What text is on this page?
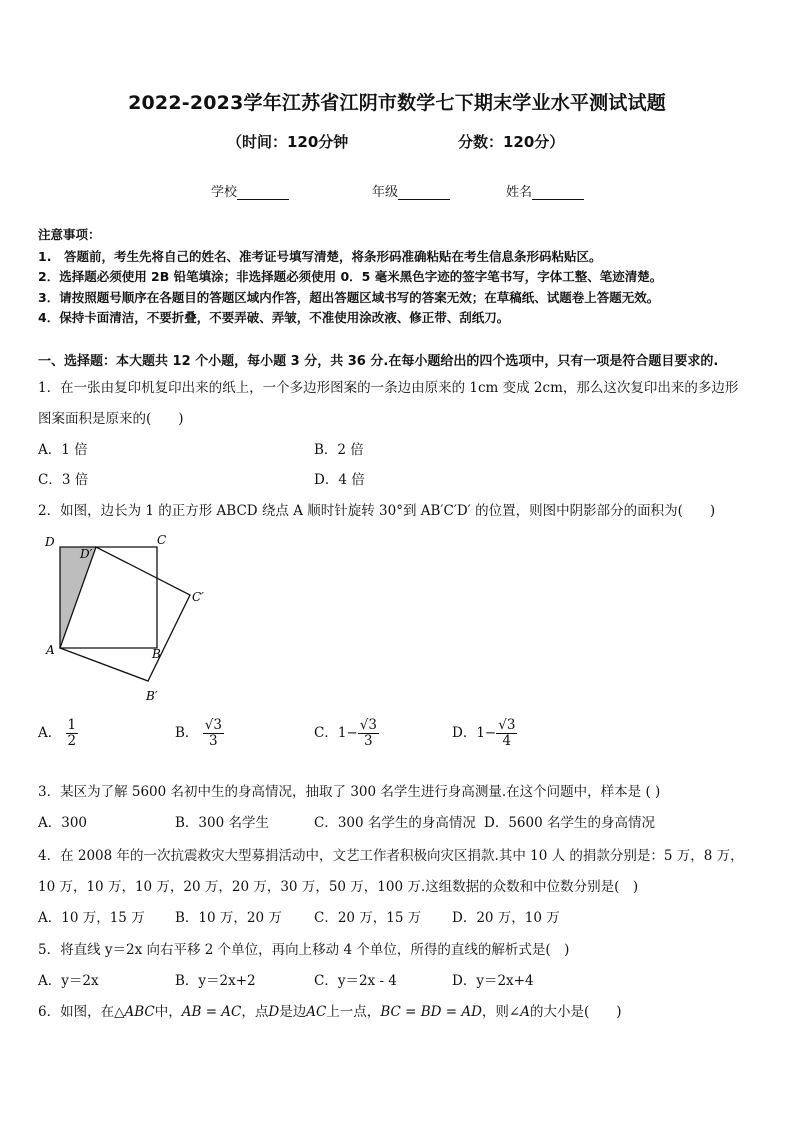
2022-2023学年江苏省江阴市数学七下期末学业水平测试试题
（时间：120分钟	分数：120分）
学校	年级	姓名
注意事项：
1.　答题前，考生先将自己的姓名、准考证号填写清楚，将条形码准确粘贴在考生信息条形码粘贴区。
2．选择题必须使用 2B 铅笔填涂；非选择题必须使用 0．5 毫米黑色字迹的签字笔书写，字体工整、笔迹清楚。
3．请按照题号顺序在各题目的答题区域内作答，超出答题区域书写的答案无效；在草稿纸、试题卷上答题无效。
4．保持卡面清洁，不要折叠，不要弄破、弄皱，不准使用涂改液、修正带、刮纸刀。
一、选择题：本大题共 12 个小题，每小题 3 分，共 36 分.在每小题给出的四个选项中，只有一项是符合题目要求的.
1．在一张由复印机复印出来的纸上，一个多边形图案的一条边由原来的 1cm 变成 2cm，那么这次复印出来的多边形
图案面积是原来的(　　)
A．1 倍	B．2 倍
C．3 倍	D．4 倍
2．如图，边长为 1 的正方形 ABCD 绕点 A 顺时针旋转 30°到 AB′C′D′ 的位置，则图中阴影部分的面积为(　　)
D
D′
C
C′
A	B
B′
A． $\frac{1}{2}$	B． $\frac{√3}{3}$	C．$1- \frac{√3}{3}$	D．$1- \frac{√3}{4}$
3．某区为了解 5600 名初中生的身高情况，抽取了 300 名学生进行身高测量.在这个问题中，样本是 ( )
A．300	B．300 名学生	C．300 名学生的身高情况 D．5600 名学生的身高情况
4．在 2008 年的一次抗震救灾大型募捐活动中，文艺工作者积极向灾区捐款.其中 10 人 的捐款分别是：5 万，8 万，
10 万，10 万，10 万，20 万，20 万，30 万，50 万，100 万.这组数据的众数和中位数分别是(　)
A．10 万，15 万 B．10 万，20 万 C．20 万，15 万 D．20 万，10 万
5．将直线 y＝2x 向右平移 2 个单位，再向上移动 4 个单位，所得的直线的解析式是(　)
A．y＝2x	B．y＝2x+2	C．y＝2x - 4	D．y＝2x+4
6．如图，在△ABC中，AB = AC，点D是边AC上一点，BC = BD = AD，则∠A的大小是(　　)
